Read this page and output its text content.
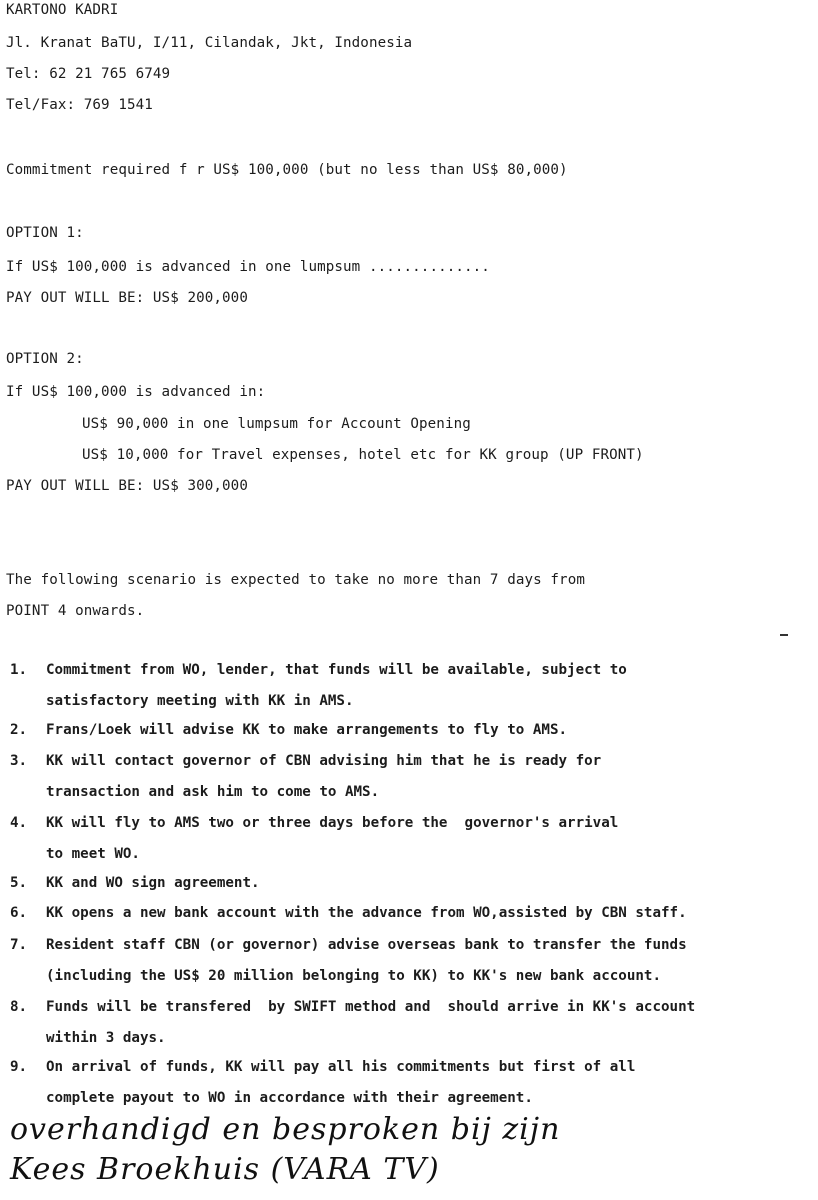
KARTONO KADRI
Jl. Kranat BaTU, I/11, Cilandak, Jkt, Indonesia
Tel: 62 21 765 6749
Tel/Fax: 769 1541
Commitment required f r US$ 100,000 (but no less than US$ 80,000)
OPTION 1:
If US$ 100,000 is advanced in one lumpsum ..............
PAY OUT WILL BE: US$ 200,000
OPTION 2:
If US$ 100,000 is advanced in:
US$ 90,000 in one lumpsum for Account Opening
US$ 10,000 for Travel expenses, hotel etc for KK group (UP FRONT)
PAY OUT WILL BE: US$ 300,000
The following scenario is expected to take no more than 7 days from
POINT 4 onwards.
1. Commitment from WO, lender, that funds will be available, subject to
satisfactory meeting with KK in AMS.
2. Frans/Loek will advise KK to make arrangements to fly to AMS.
3. KK will contact governor of CBN advising him that he is ready for
transaction and ask him to come to AMS.
4. KK will fly to AMS two or three days before the  governor's arrival
to meet WO.
5. KK and WO sign agreement.
6. KK opens a new bank account with the advance from WO,assisted by CBN staff.
7. Resident staff CBN (or governor) advise overseas bank to transfer the funds
(including the US$ 20 million belonging to KK) to KK's new bank account.
8. Funds will be transfered  by SWIFT method and  should arrive in KK's account
within 3 days.
9. On arrival of funds, KK will pay all his commitments but first of all
complete payout to WO in accordance with their agreement.
overhandigd en besproken bij zijn
Kees Broekhuis (VARA TV)
